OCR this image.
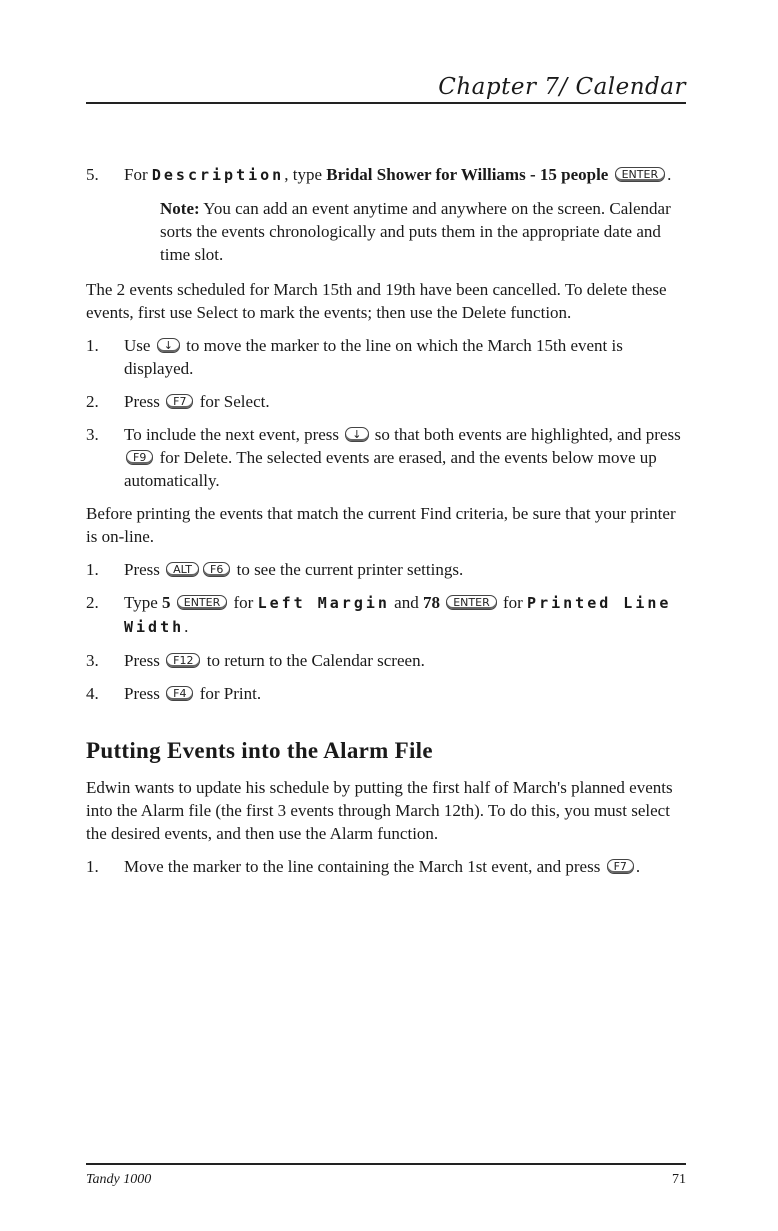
Chapter 7/ Calendar
5. For Description, type Bridal Shower for Williams - 15 people ENTER .
Note: You can add an event anytime and anywhere on the screen. Calendar sorts the events chronologically and puts them in the appropriate date and time slot.

The 2 events scheduled for March 15th and 19th have been cancelled. To delete these events, first use Select to mark the events; then use the Delete function.

1. Use ↓ to move the marker to the line on which the March 15th event is displayed.
2. Press F7 for Select.
3. To include the next event, press ↓ so that both events are highlighted, and press F9 for Delete. The selected events are erased, and the events below move up automatically.

Before printing the events that match the current Find criteria, be sure that your printer is on-line.

1. Press ALT F6 to see the current printer settings.
2. Type 5 ENTER for Left Margin and 78 ENTER for Printed Line Width.
3. Press F12 to return to the Calendar screen.
4. Press F4 for Print.
Putting Events into the Alarm File

Edwin wants to update his schedule by putting the first half of March's planned events into the Alarm file (the first 3 events through March 12th). To do this, you must select the desired events, and then use the Alarm function.

1. Move the marker to the line containing the March 1st event, and press F7 .
Tandy 1000	71
